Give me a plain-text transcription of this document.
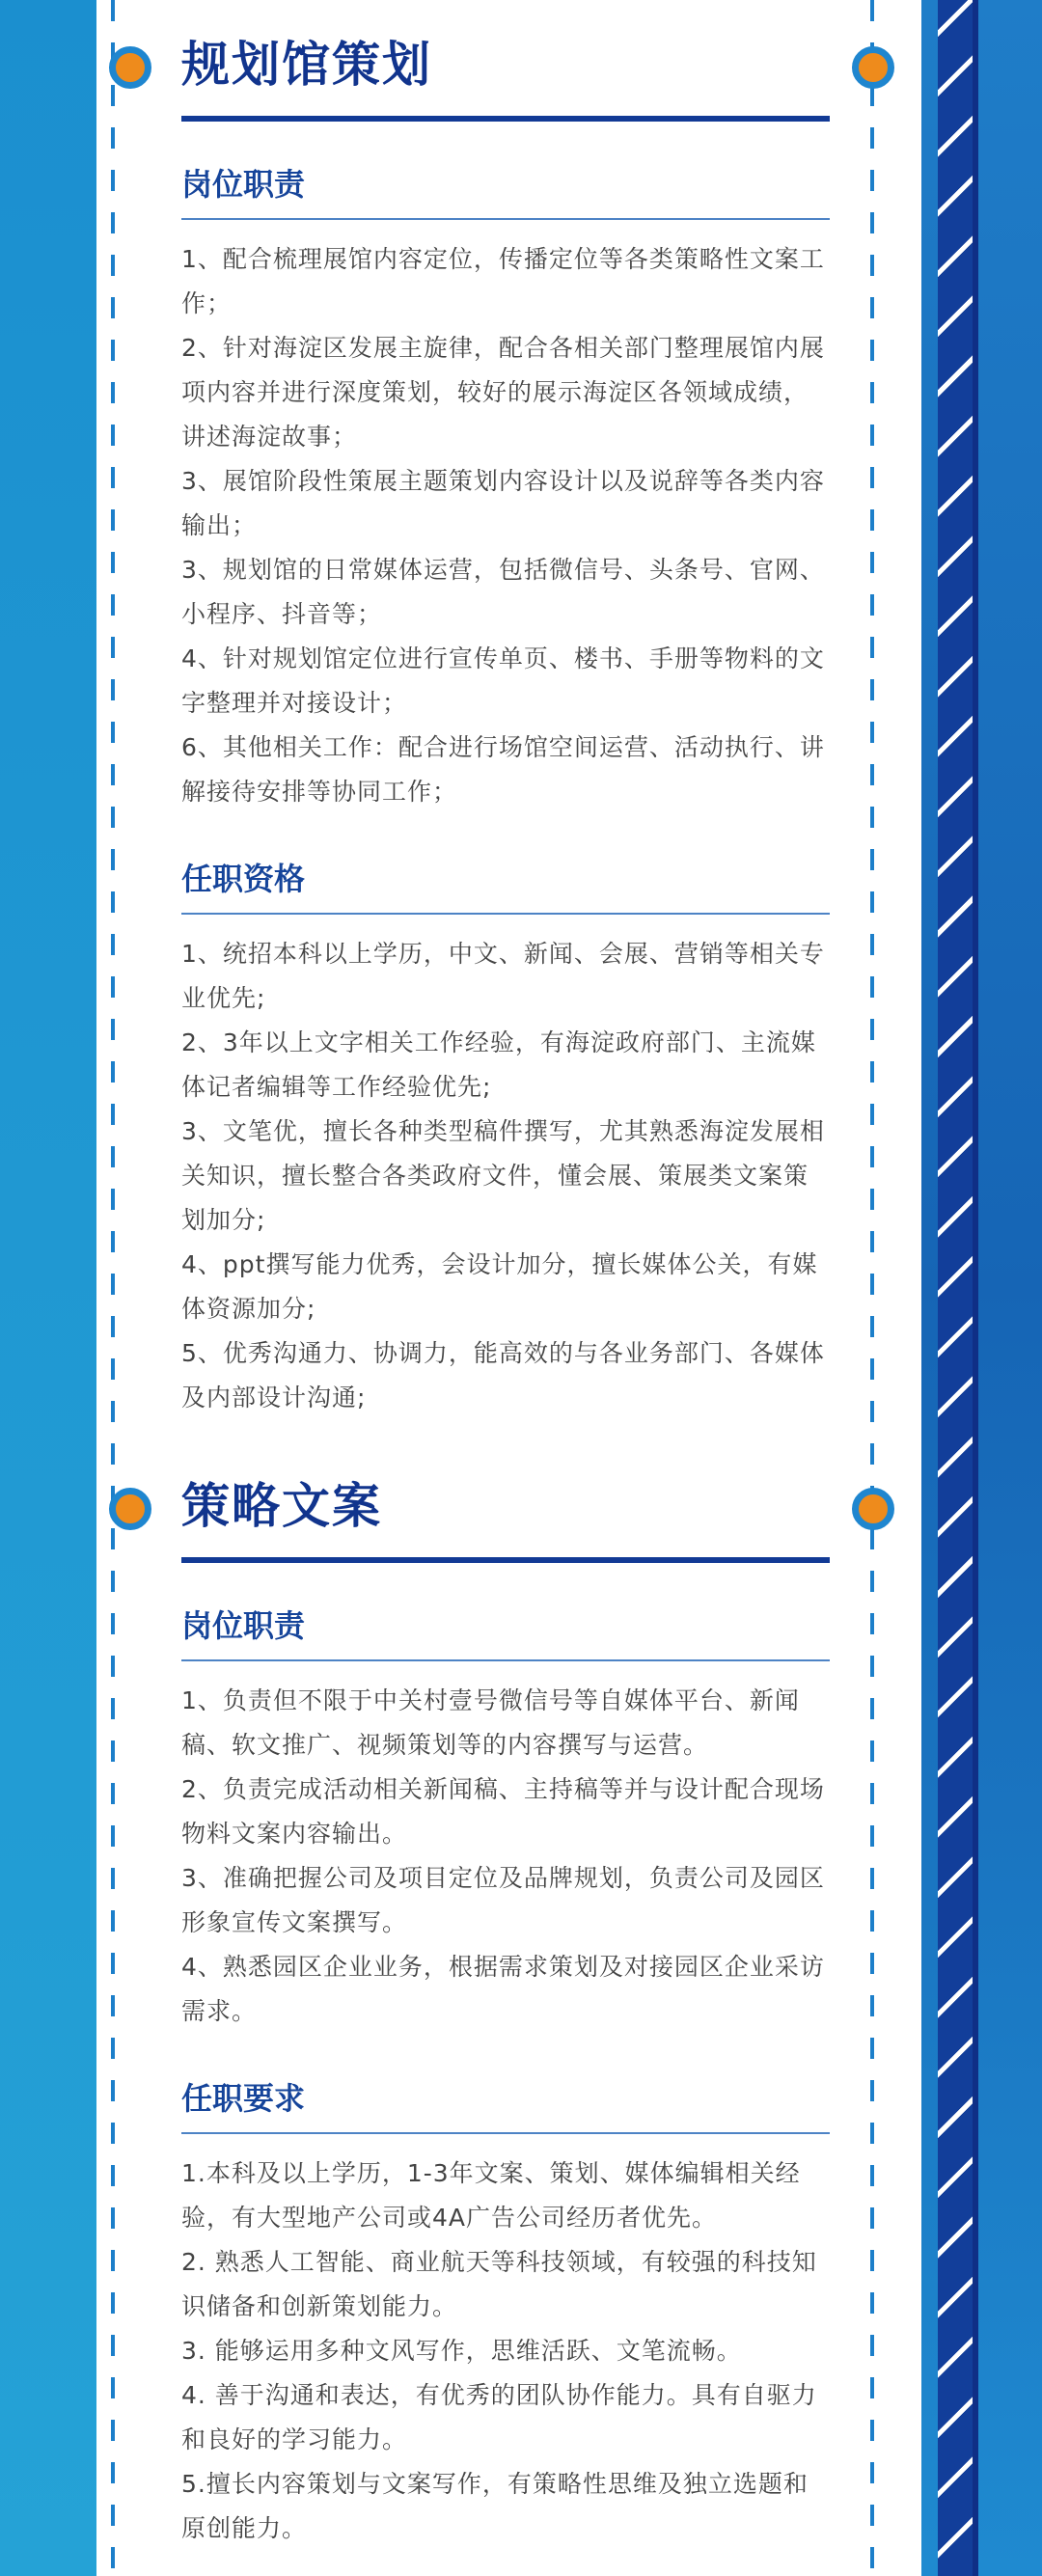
规划馆策划
岗位职责
1、配合梳理展馆内容定位，传播定位等各类策略性文案工作；
2、针对海淀区发展主旋律，配合各相关部门整理展馆内展项内容并进行深度策划，较好的展示海淀区各领域成绩，讲述海淀故事；
3、展馆阶段性策展主题策划内容设计以及说辞等各类内容输出；
3、规划馆的日常媒体运营，包括微信号、头条号、官网、小程序、抖音等；
4、针对规划馆定位进行宣传单页、楼书、手册等物料的文字整理并对接设计；
6、其他相关工作：配合进行场馆空间运营、活动执行、讲解接待安排等协同工作；
任职资格
1、统招本科以上学历，中文、新闻、会展、营销等相关专业优先;
2、3年以上文字相关工作经验，有海淀政府部门、主流媒体记者编辑等工作经验优先;
3、文笔优，擅长各种类型稿件撰写，尤其熟悉海淀发展相关知识，擅长整合各类政府文件，懂会展、策展类文案策划加分;
4、ppt撰写能力优秀，会设计加分，擅长媒体公关，有媒体资源加分;
5、优秀沟通力、协调力，能高效的与各业务部门、各媒体及内部设计沟通;
策略文案
岗位职责
1、负责但不限于中关村壹号微信号等自媒体平台、新闻稿、软文推广、视频策划等的内容撰写与运营。
2、负责完成活动相关新闻稿、主持稿等并与设计配合现场物料文案内容输出。
3、准确把握公司及项目定位及品牌规划，负责公司及园区形象宣传文案撰写。
4、熟悉园区企业业务，根据需求策划及对接园区企业采访需求。
任职要求
1.本科及以上学历，1-3年文案、策划、媒体编辑相关经验，有大型地产公司或4A广告公司经历者优先。
2. 熟悉人工智能、商业航天等科技领域，有较强的科技知识储备和创新策划能力。
3. 能够运用多种文风写作，思维活跃、文笔流畅。
4. 善于沟通和表达，有优秀的团队协作能力。具有自驱力和良好的学习能力。
5.擅长内容策划与文案写作，有策略性思维及独立选题和原创能力。
